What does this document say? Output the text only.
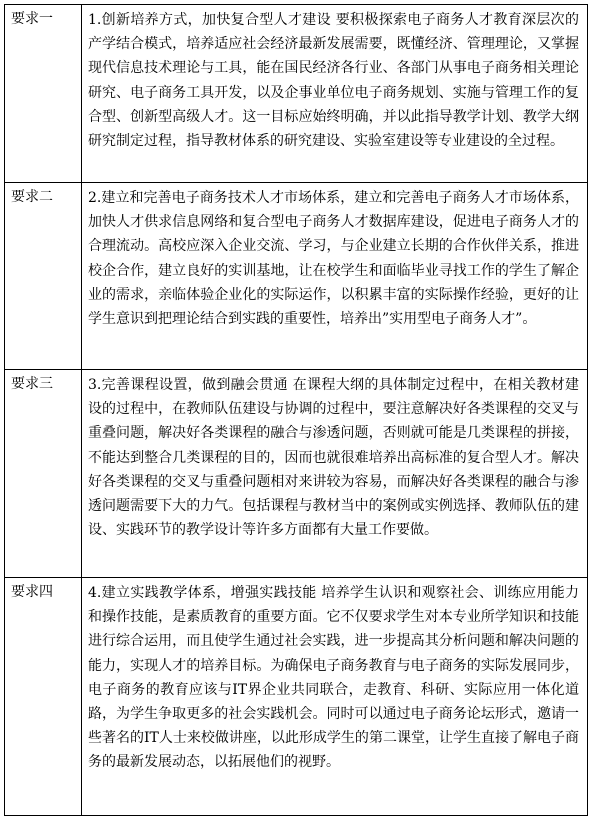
要求一	1.创新培养方式，加快复合型人才建设 要积极探索电子商务人才教育深层次的产学结合模式，培养适应社会经济最新发展需要，既懂经济、管理理论，又掌握现代信息技术理论与工具，能在国民经济各行业、各部门从事电子商务相关理论研究、电子商务工具开发，以及企事业单位电子商务规划、实施与管理工作的复合型、创新型高级人才。这一目标应始终明确，并以此指导教学计划、教学大纲研究制定过程，指导教材体系的研究建设、实验室建设等专业建设的全过程。

要求二	2.建立和完善电子商务技术人才市场体系，建立和完善电子商务人才市场体系，加快人才供求信息网络和复合型电子商务人才数据库建设，促进电子商务人才的合理流动。高校应深入企业交流、学习，与企业建立长期的合作伙伴关系，推进校企合作，建立良好的实训基地，让在校学生和面临毕业寻找工作的学生了解企业的需求，亲临体验企业化的实际运作，以积累丰富的实际操作经验，更好的让学生意识到把理论结合到实践的重要性，培养出”实用型电子商务人才”。

要求三	3.完善课程设置，做到融会贯通 在课程大纲的具体制定过程中，在相关教材建设的过程中，在教师队伍建设与协调的过程中，要注意解决好各类课程的交叉与重叠问题，解决好各类课程的融合与渗透问题，否则就可能是几类课程的拼接，不能达到整合几类课程的目的，因而也就很难培养出高标准的复合型人才。解决好各类课程的交叉与重叠问题相对来讲较为容易，而解决好各类课程的融合与渗透问题需要下大的力气。包括课程与教材当中的案例或实例选择、教师队伍的建设、实践环节的教学设计等许多方面都有大量工作要做。

要求四	4.建立实践教学体系，增强实践技能 培养学生认识和观察社会、训练应用能力和操作技能，是素质教育的重要方面。它不仅要求学生对本专业所学知识和技能进行综合运用，而且使学生通过社会实践，进一步提高其分析问题和解决问题的能力，实现人才的培养目标。为确保电子商务教育与电子商务的实际发展同步，电子商务的教育应该与IT界企业共同联合，走教育、科研、实际应用一体化道路，为学生争取更多的社会实践机会。同时可以通过电子商务论坛形式，邀请一些著名的IT人士来校做讲座，以此形成学生的第二课堂，让学生直接了解电子商务的最新发展动态，以拓展他们的视野。
